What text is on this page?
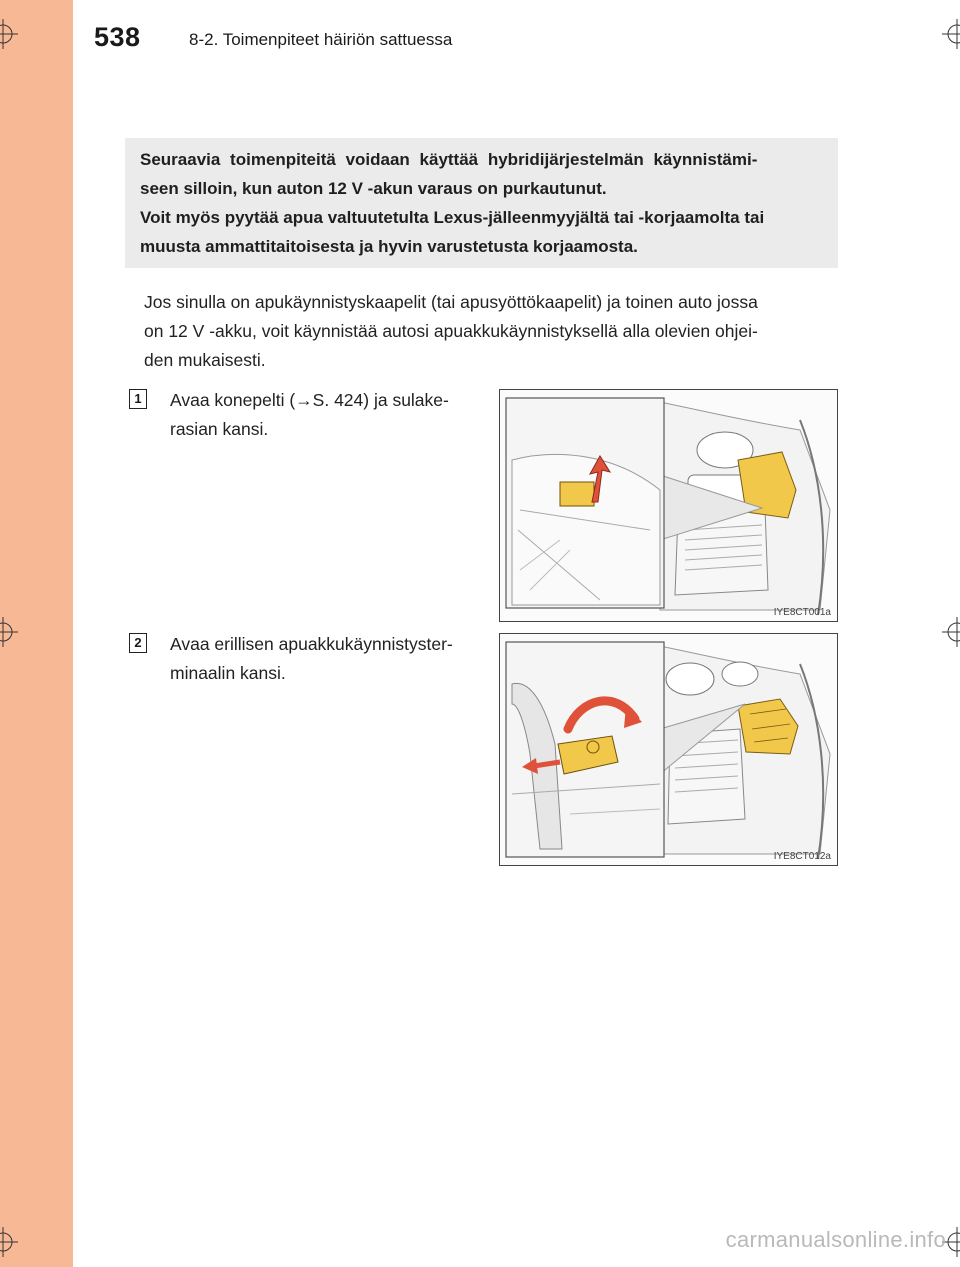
538	8-2. Toimenpiteet häiriön sattuessa
Seuraavia toimenpiteitä voidaan käyttää hybridijärjestelmän käynnistämi-
seen silloin, kun auton 12 V -akun varaus on purkautunut.
Voit myös pyytää apua valtuutetulta Lexus-jälleenmyyjältä tai -korjaamolta tai
muusta ammattitaitoisesta ja hyvin varustetusta korjaamosta.
Jos sinulla on apukäynnistyskaapelit (tai apusyöttökaapelit) ja toinen auto jossa
on 12 V -akku, voit käynnistää autosi apuakkukäynnistyksellä alla olevien ohjei-
den mukaisesti.
1	Avaa konepelti (→S. 424) ja sulake-
rasian kansi.
IYE8CT001a
2	Avaa erillisen apuakkukäynnistyster-
minaalin kansi.
IYE8CT012a
carmanualsonline.info
